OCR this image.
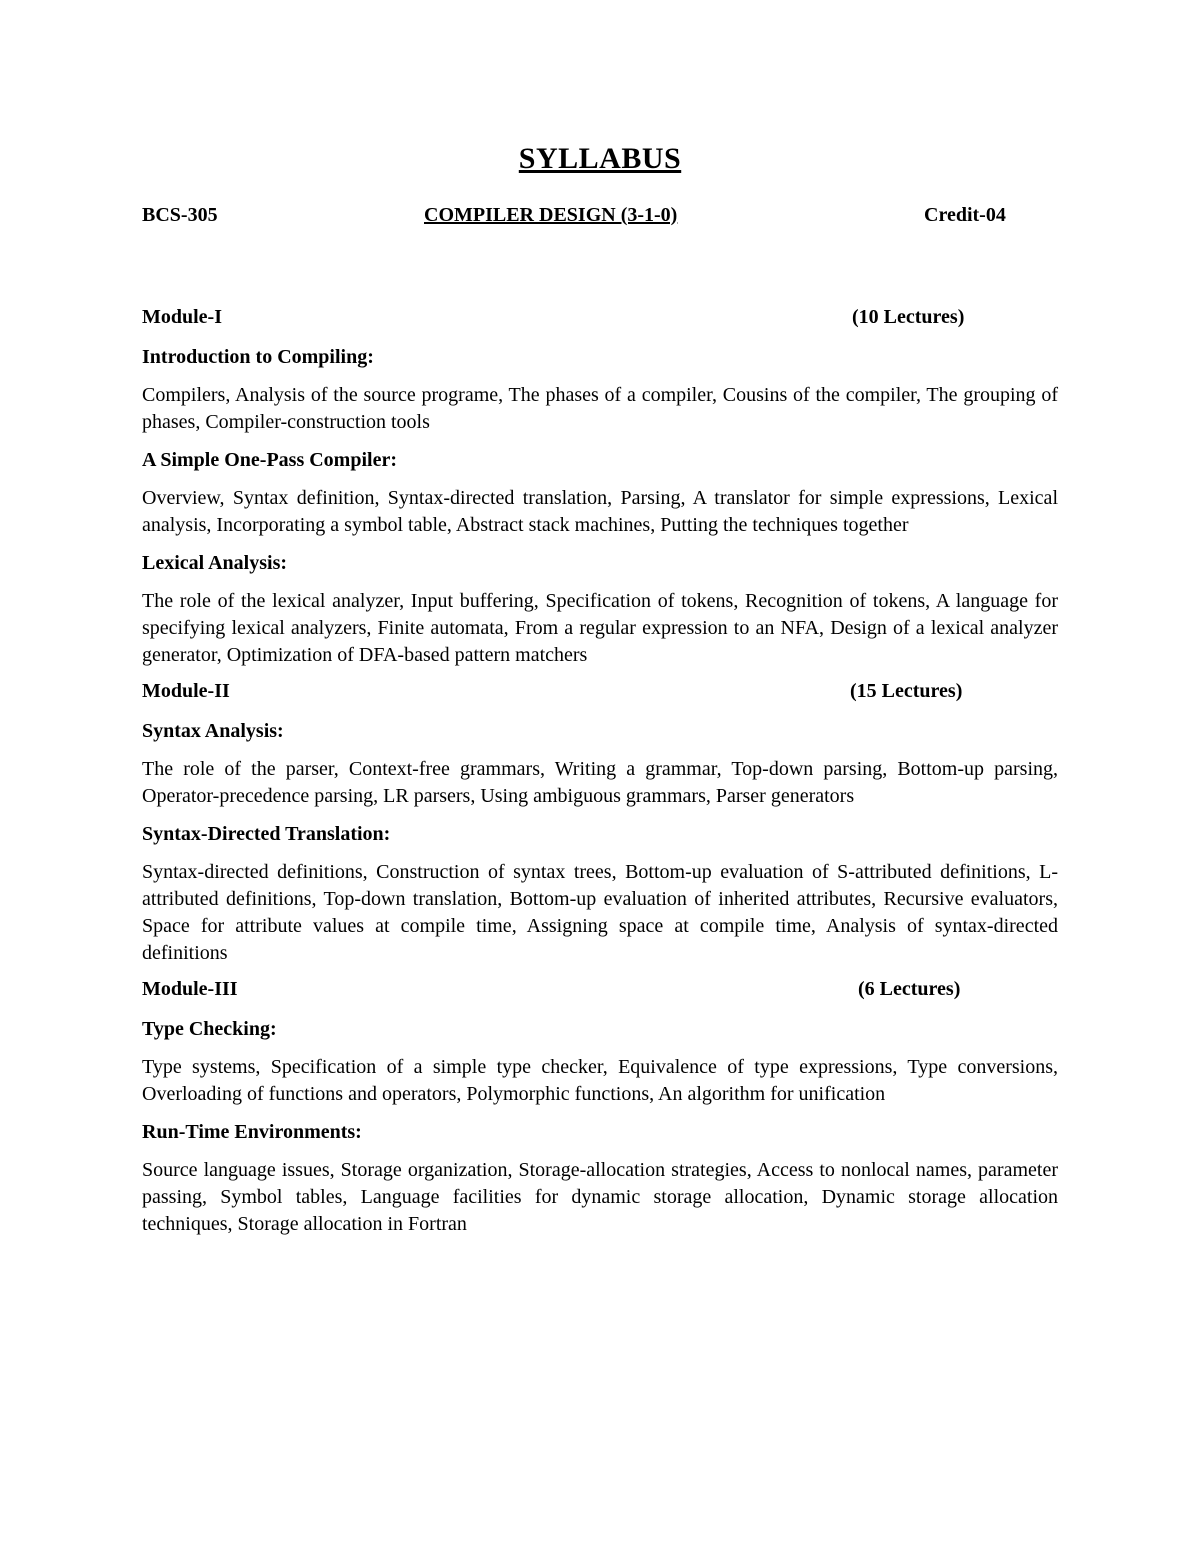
SYLLABUS
BCS-305	COMPILER DESIGN (3-1-0)	Credit-04
Module-I	(10 Lectures)
Introduction to Compiling:
Compilers, Analysis of the source programe, The phases of a compiler, Cousins of the compiler, The grouping of phases, Compiler-construction tools
A Simple One-Pass Compiler:
Overview, Syntax definition, Syntax-directed translation, Parsing, A translator for simple expressions, Lexical analysis, Incorporating a symbol table, Abstract stack machines, Putting the techniques together
Lexical Analysis:
The role of the lexical analyzer, Input buffering, Specification of tokens, Recognition of tokens, A language for specifying lexical analyzers, Finite automata, From a regular expression to an NFA, Design of a lexical analyzer generator, Optimization of DFA-based pattern matchers
Module-II	(15 Lectures)
Syntax Analysis:
The role of the parser, Context-free grammars, Writing a grammar, Top-down parsing, Bottom-up parsing, Operator-precedence parsing, LR parsers, Using ambiguous grammars, Parser generators
Syntax-Directed Translation:
Syntax-directed definitions, Construction of syntax trees, Bottom-up evaluation of S-attributed definitions, L-attributed definitions, Top-down translation, Bottom-up evaluation of inherited attributes, Recursive evaluators, Space for attribute values at compile time, Assigning space at compile time, Analysis of syntax-directed definitions
Module-III	(6 Lectures)
Type Checking:
Type systems, Specification of a simple type checker, Equivalence of type expressions, Type conversions, Overloading of functions and operators, Polymorphic functions, An algorithm for unification
Run-Time Environments:
Source language issues, Storage organization, Storage-allocation strategies, Access to nonlocal names, parameter passing, Symbol tables, Language facilities for dynamic storage allocation, Dynamic storage allocation techniques, Storage allocation in Fortran
